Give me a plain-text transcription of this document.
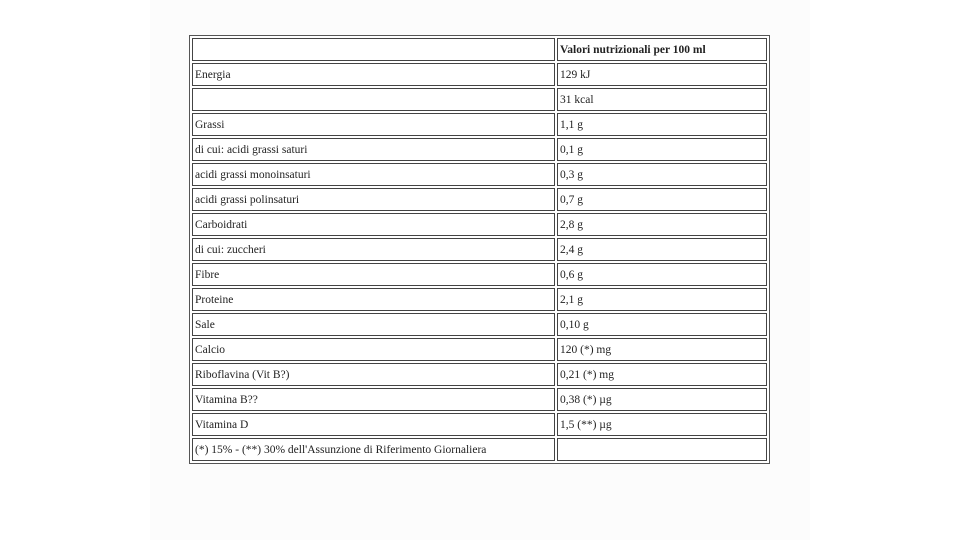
	Valori nutrizionali per 100 ml
Energia	129 kJ
	31 kcal
Grassi	1,1 g
di cui: acidi grassi saturi	0,1 g
acidi grassi monoinsaturi	0,3 g
acidi grassi polinsaturi	0,7 g
Carboidrati	2,8 g
di cui: zuccheri	2,4 g
Fibre	0,6 g
Proteine	2,1 g
Sale	0,10 g
Calcio	120 (*) mg
Riboflavina (Vit B?)	0,21 (*) mg
Vitamina B??	0,38 (*) µg
Vitamina D	1,5 (**) µg
(*) 15% - (**) 30% dell'Assunzione di Riferimento Giornaliera	
